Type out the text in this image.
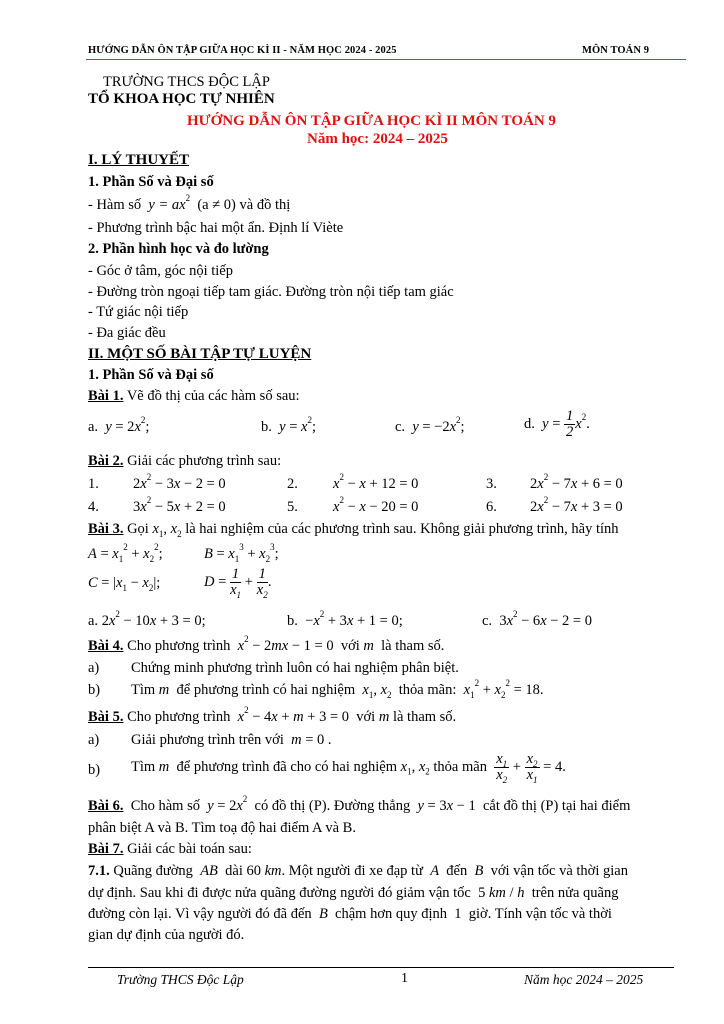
HƯỚNG DẪN ÔN TẬP GIỮA HỌC KÌ II - NĂM HỌC 2024 - 2025	MÔN TOÁN 9
TRƯỜNG THCS ĐỘC LẬP
TỔ KHOA HỌC TỰ NHIÊN
HƯỚNG DẪN ÔN TẬP GIỮA HỌC KÌ II MÔN TOÁN 9
Năm học: 2024 – 2025
I. LÝ THUYẾT
1. Phần Số và Đại số
- Hàm số $y = ax^2$ (a ≠ 0) và đồ thị
- Phương trình bậc hai một ẩn. Định lí Viète
2. Phần hình học và đo lường
- Góc ở tâm, góc nội tiếp
- Đường tròn ngoại tiếp tam giác. Đường tròn nội tiếp tam giác
- Tứ giác nội tiếp
- Đa giác đều
II. MỘT SỐ BÀI TẬP TỰ LUYỆN
1. Phần Số và Đại số
Bài 1. Vẽ đồ thị của các hàm số sau:
a. $y = 2x^2$;	b. $y = x^2$;	c. $y = -2x^2$;	d. $y = \frac{1}{2} x^2$.
Bài 2. Giải các phương trình sau:
1. $2x^2 - 3x - 2 = 0$	2. $x^2 - x + 12 = 0$	3. $2x^2 - 7x + 6 = 0$
4. $3x^2 - 5x + 2 = 0$	5. $x^2 - x - 20 = 0$	6. $2x^2 - 7x + 3 = 0$
Bài 3. Gọi $x_1$, $x_2$ là hai nghiệm của các phương trình sau. Không giải phương trình, hãy tính
$A = x_1^2 + x_2^2$;	$B = x_1^3 + x_2^3$;
$C = |x_1 - x_2|$;	$D = \frac{1}{x_1} + \frac{1}{x_2}$ .
a. $2x^2 - 10x + 3 = 0$;	b.  $-x^2 + 3x + 1 = 0$;	c.  $3x^2 - 6x - 2 = 0$
Bài 4. Cho phương trình $x^2 - 2mx - 1 = 0$  với m là tham số.
a) Chứng minh phương trình luôn có hai nghiệm phân biệt.
b) Tìm m để phương trình có hai nghiệm $x_1$, $x_2$ thỏa mãn: $x_1^2 + x_2^2 = 18$.
Bài 5. Cho phương trình $x^2 - 4x + m + 3 = 0$  với m là tham số.
a) Giải phương trình trên với m = 0 .
b) Tìm m để phương trình đã cho có hai nghiệm $x_1$, $x_2$ thỏa mãn $\frac{x_1}{x_2} + \frac{x_2}{x_1} = 4$.
Bài 6. Cho hàm số $y = 2x^2$ có đồ thị (P). Đường thẳng y = 3x − 1  cắt đồ thị (P) tại hai điểm
phân biệt A và B. Tìm toạ độ hai điểm A và B.
Bài 7. Giải các bài toán sau:
7.1. Quãng đường AB dài 60 km. Một người đi xe đạp từ A đến B với vận tốc và thời gian
dự định. Sau khi đi được nửa quãng đường người đó giảm vận tốc  5 km / h trên nửa quãng
đường còn lại. Vì vậy người đó đã đến B chậm hơn quy định  1  giờ. Tính vận tốc và thời
gian dự định của người đó.
Trường THCS Độc Lập	1	Năm học 2024 – 2025
